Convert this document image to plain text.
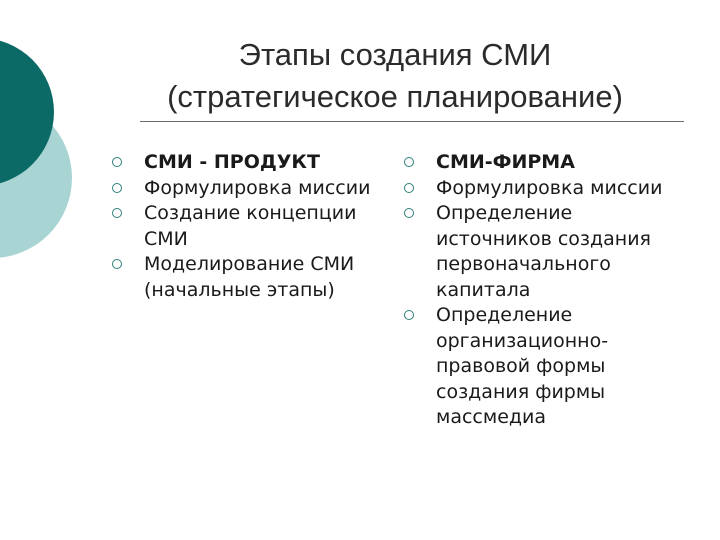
Этапы создания СМИ
(стратегическое планирование)
СМИ - ПРОДУКТ
Формулировка миссии
Создание концепции СМИ
Моделирование СМИ (начальные этапы)
СМИ-ФИРМА
Формулировка миссии
Определение источников создания первоначального капитала
Определение организационно-правовой формы создания фирмы массмедиа
